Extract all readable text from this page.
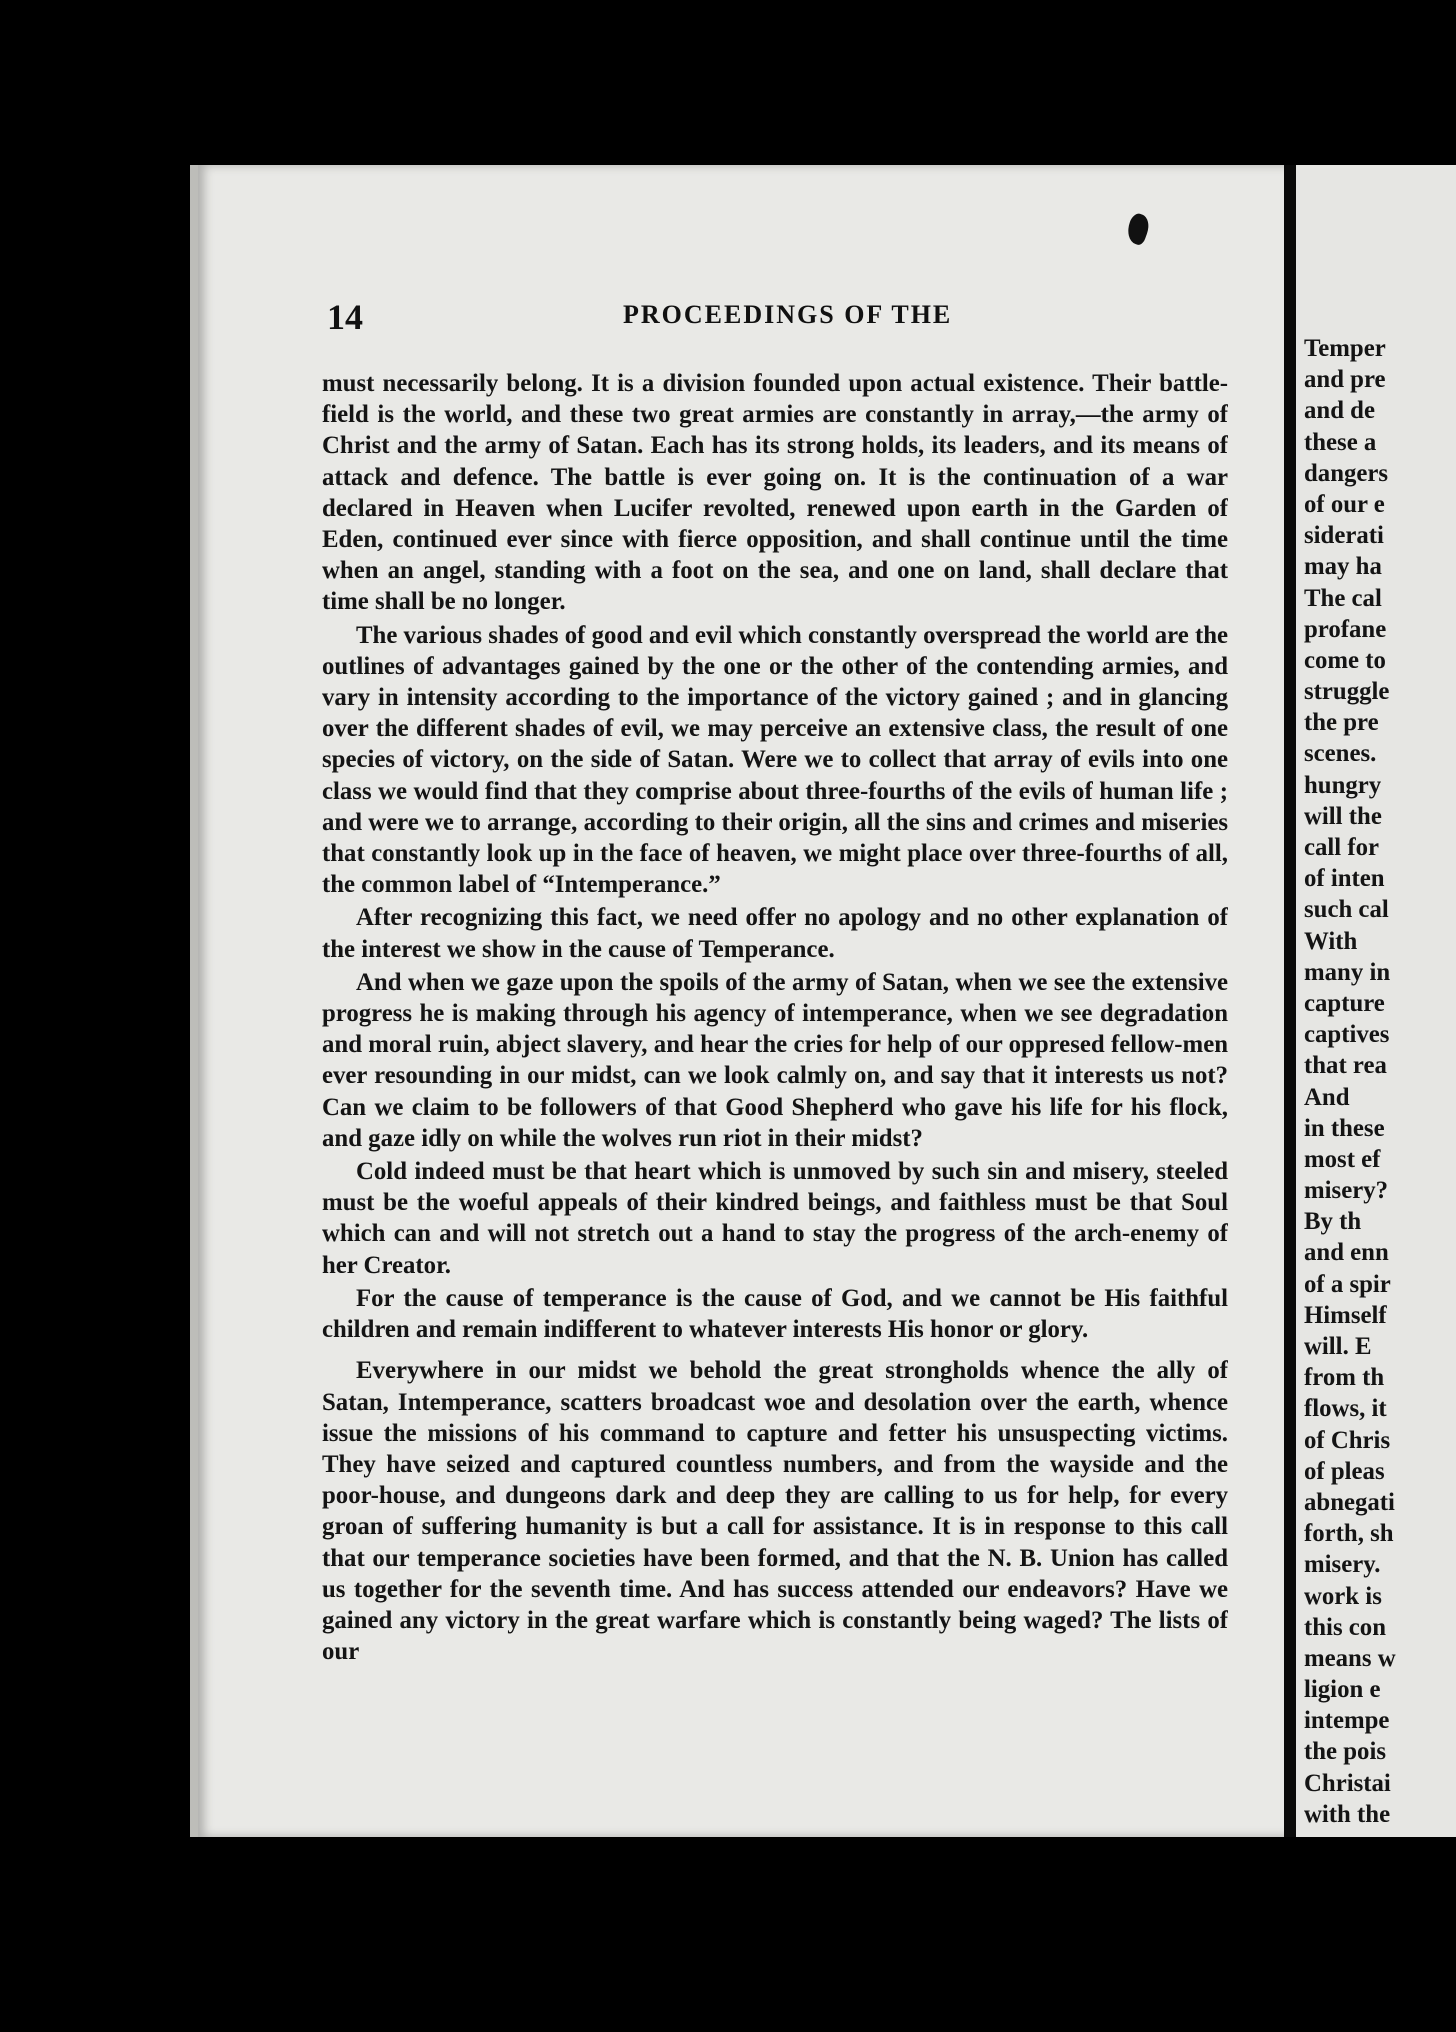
Temper
and pre
and de
these a
dangers
of our e
siderati
may ha
The cal
profane
come to
struggle
the pre
scenes.
hungry
will the
call for
of inten
such cal
With
many in
capture
captives
that rea
And
in these
most ef
misery?
By th
and enn
of a spir
Himself
will. E
from th
flows, it
of Chris
of pleas
abnegati
forth, sh
misery.
work is
this con
means w
ligion e
intempe
the pois
Christai
with the
14	PROCEEDINGS OF THE

must necessarily belong. It is a division founded upon actual existence. Their battle-field is the world, and these two great armies are constantly in array,—the army of Christ and the army of Satan. Each has its strong holds, its leaders, and its means of attack and defence. The battle is ever going on. It is the continuation of a war declared in Heaven when Lucifer revolted, renewed upon earth in the Garden of Eden, continued ever since with fierce opposition, and shall continue until the time when an angel, standing with a foot on the sea, and one on land, shall declare that time shall be no longer.

The various shades of good and evil which constantly overspread the world are the outlines of advantages gained by the one or the other of the contending armies, and vary in intensity according to the importance of the victory gained ; and in glancing over the different shades of evil, we may perceive an extensive class, the result of one species of victory, on the side of Satan. Were we to collect that array of evils into one class we would find that they comprise about three-fourths of the evils of human life ; and were we to arrange, according to their origin, all the sins and crimes and miseries that constantly look up in the face of heaven, we might place over three-fourths of all, the common label of “Intemperance.”

After recognizing this fact, we need offer no apology and no other explanation of the interest we show in the cause of Temperance.

And when we gaze upon the spoils of the army of Satan, when we see the extensive progress he is making through his agency of intemperance, when we see degradation and moral ruin, abject slavery, and hear the cries for help of our oppresed fellow-men ever resounding in our midst, can we look calmly on, and say that it interests us not? Can we claim to be followers of that Good Shepherd who gave his life for his flock, and gaze idly on while the wolves run riot in their midst?

Cold indeed must be that heart which is unmoved by such sin and misery, steeled must be the woeful appeals of their kindred beings, and faithless must be that Soul which can and will not stretch out a hand to stay the progress of the arch-enemy of her Creator.

For the cause of temperance is the cause of God, and we cannot be His faithful children and remain indifferent to whatever interests His honor or glory.

Everywhere in our midst we behold the great strongholds whence the ally of Satan, Intemperance, scatters broadcast woe and desolation over the earth, whence issue the missions of his command to capture and fetter his unsuspecting victims. They have seized and captured countless numbers, and from the wayside and the poor-house, and dungeons dark and deep they are calling to us for help, for every groan of suffering humanity is but a call for assistance. It is in response to this call that our temperance societies have been formed, and that the N. B. Union has called us together for the seventh time. And has success attended our endeavors? Have we gained any victory in the great warfare which is constantly being waged? The lists of our
